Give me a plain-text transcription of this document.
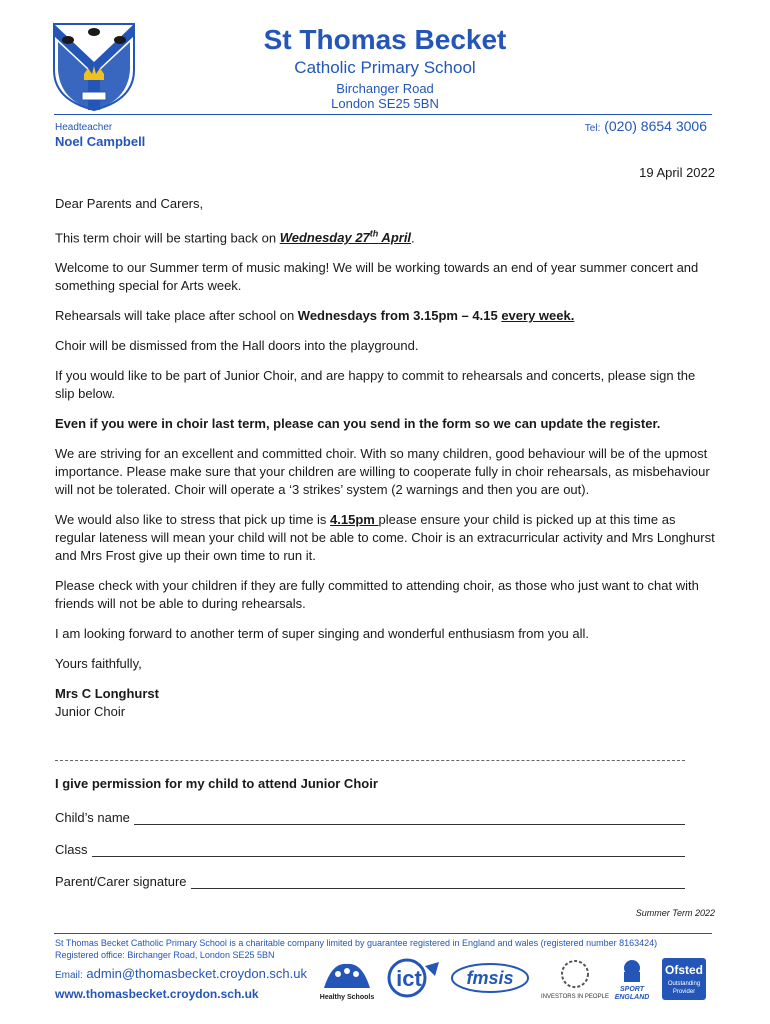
St Thomas Becket
Catholic Primary School
Birchanger Road
London SE25 5BN
Headteacher
Noel Campbell
Tel: (020) 8654 3006
19 April 2022

Dear Parents and Carers,

This term choir will be starting back on Wednesday 27th April.

Welcome to our Summer term of music making! We will be working towards an end of year summer concert and something special for Arts week.

Rehearsals will take place after school on Wednesdays from 3.15pm – 4.15 every week.

Choir will be dismissed from the Hall doors into the playground.

If you would like to be part of Junior Choir, and are happy to commit to rehearsals and concerts, please sign the slip below.

Even if you were in choir last term, please can you send in the form so we can update the register.

We are striving for an excellent and committed choir. With so many children, good behaviour will be of the upmost importance. Please make sure that your children are willing to cooperate fully in choir rehearsals, as misbehaviour will not be tolerated. Choir will operate a ‘3 strikes’ system (2 warnings and then you are out).

We would also like to stress that pick up time is 4.15pm please ensure your child is picked up at this time as regular lateness will mean your child will not be able to come. Choir is an extracurricular activity and Mrs Longhurst and Mrs Frost give up their own time to run it.

Please check with your children if they are fully committed to attending choir, as those who just want to chat with friends will not be able to during rehearsals.

I am looking forward to another term of super singing and wonderful enthusiasm from you all.

Yours faithfully,

Mrs C Longhurst
Junior Choir
I give permission for my child to attend Junior Choir
Child’s name
Class
Parent/Carer signature
Summer Term 2022
St Thomas Becket Catholic Primary School is a charitable company limited by guarantee registered in England and wales (registered number 8163424)
Registered office: Birchanger Road, London SE25 5BN
Email: admin@thomasbecket.croydon.sch.uk
www.thomasbecket.croydon.sch.uk	Healthy Schools
ict fmsis
INVESTORS IN PEOPLE
SPORT
ENGLAND
Ofsted
Outstanding
Provider
